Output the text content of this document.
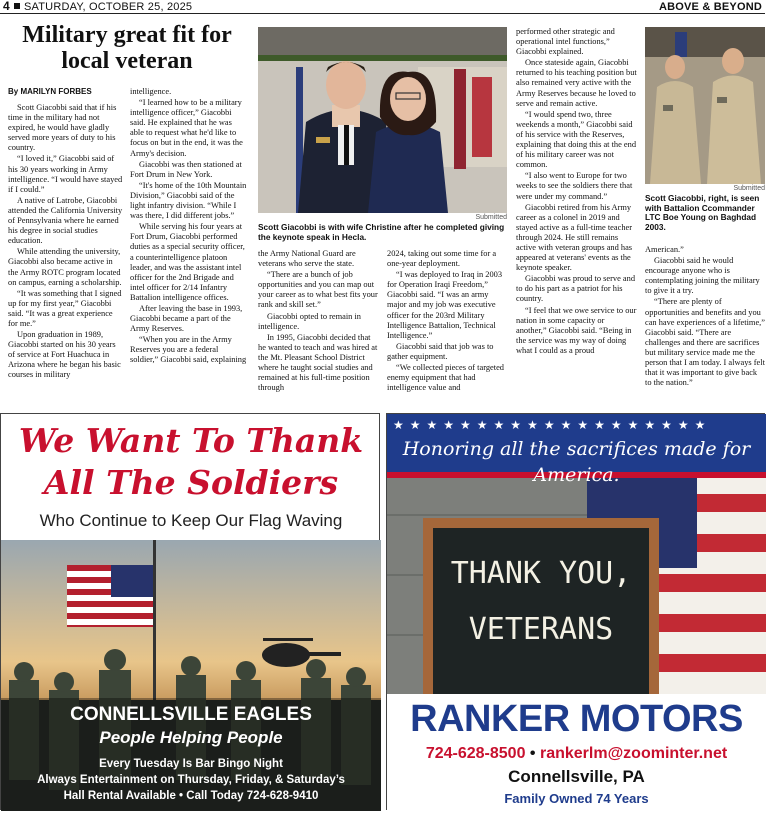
4 SATURDAY, OCTOBER 25, 2025	ABOVE & BEYOND
Military great fit for local veteran
By MARILYN FORBES

Scott Giacobbi said that if his time in the military had not expired, he would have gladly served more years of duty to his country.

“I loved it,” Giacobbi said of his 30 years working in Army intelligence. “I would have stayed if I could.”

A native of Latrobe, Giacobbi attended the California University of Pennsylvania where he earned his degree in social studies education.

While attending the university, Giacobbi also became active in the Army ROTC program located on campus, earning a scholarship.

“It was something that I signed up for my first year,” Giacobbi said. “It was a great experience for me.”

Upon graduation in 1989, Giacobbi started on his 30 years of service at Fort Huachuca in Arizona where he began his basic courses in military

intelligence.

“I learned how to be a military intelligence officer,” Giacobbi said. He explained that he was able to request what he'd like to focus on but in the end, it was the Army's decision.

Giacobbi was then stationed at Fort Drum in New York.

“It's home of the 10th Mountain Division,” Giacobbi said of the light infantry division. “While I was there, I did different jobs.”

While serving his four years at Fort Drum, Giacobbi performed duties as a special security officer, a counterintelligence platoon leader, and was the assistant intel officer for the 2nd Brigade and intel officer for 2/14 Infantry Battalion intelligence offices.

After leaving the base in 1993, Giacobbi became a part of the Army Reserves.

“When you are in the Army Reserves you are a federal soldier,” Giacobbi said, explaining

the Army National Guard are veterans who serve the state.

“There are a bunch of job opportunities and you can map out your career as to what best fits your rank and skill set.”

Giacobbi opted to remain in intelligence.

In 1995, Giacobbi decided that he wanted to teach and was hired at the Mt. Pleasant School District where he taught social studies and remained at his full-time position through

2024, taking out some time for a one-year deployment.

“I was deployed to Iraq in 2003 for Operation Iraqi Freedom,” Giacobbi said. “I was an army major and my job was executive officer for the 203rd Military Intelligence Battalion, Technical Intelligence.”

Giacobbi said that job was to gather equipment.

“We collected pieces of targeted enemy equipment that had intelligence value and

performed other strategic and operational intel functions,” Giacobbi explained.

Once stateside again, Giacobbi returned to his teaching position but also remained very active with the Army Reserves because he loved to serve and remain active.

“I would spend two, three weekends a month,” Giacobbi said of his service with the Reserves, explaining that doing this at the end of his military career was not common.

“I also went to Europe for two weeks to see the soldiers there that were under my command.”

Giacobbi retired from his Army career as a colonel in 2019 and stayed active as a full-time teacher through 2024. He still remains active with veteran groups and has appeared at veterans' events as the keynote speaker.

Giacobbi was proud to serve and to do his part as a patriot for his country.

“I feel that we owe service to our nation in some capacity or another,” Giacobbi said. “Being in the service was my way of doing what I could as a proud

American.”

Giacobbi said he would encourage anyone who is contemplating joining the military to give it a try.

“There are plenty of opportunities and benefits and you can have experiences of a lifetime,” Giacobbi said. “There are challenges and there are sacrifices but military service made me the person that I am today. I always felt that it was important to give back to the nation.”

Submitted
Scott Giacobbi is with wife Christine after he completed giving the keynote speak in Hecla.
Submitted
Scott Giacobbi, right, is seen with Battalion Ccommander LTC Boe Young on Baghdad 2003.
We Want To Thank
All The Soldiers
Who Continue to Keep Our Flag Waving
CONNELLSVILLE EAGLES
People Helping People
Every Tuesday Is Bar Bingo Night
Always Entertainment on Thursday, Friday, & Saturday’s
Hall Rental Available • Call Today 724-628-9410
★★★★★★★★★★★★★★★★★★★
Honoring all the sacrifices made for America.
THANK YOU,
VETERANS
RANKER MOTORS
724-628-8500 • rankerlm@zoominter.net
Connellsville, PA
Family Owned 74 Years
